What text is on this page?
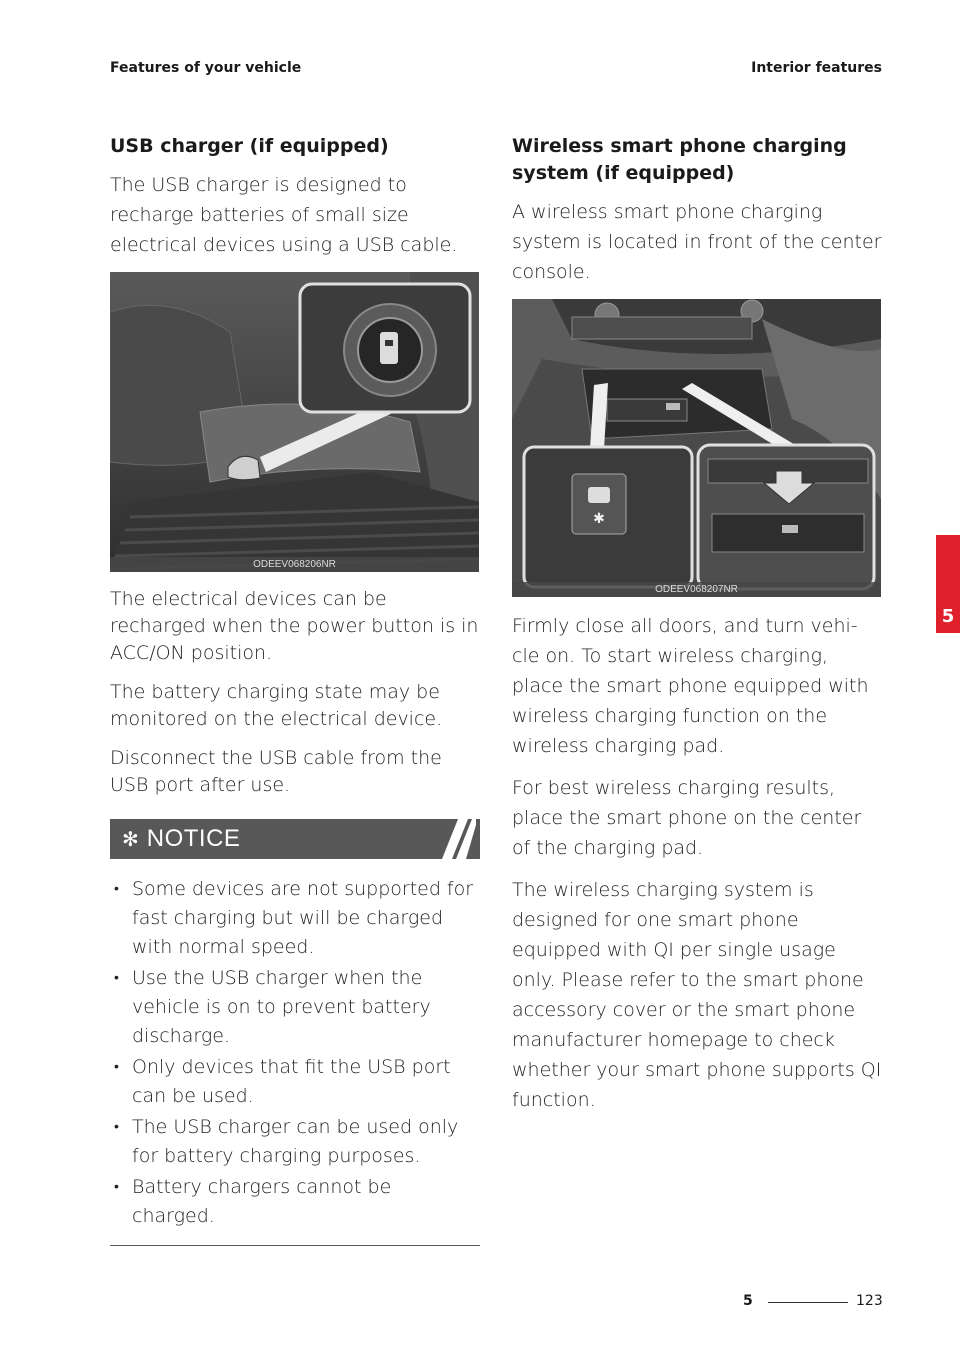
Features of your vehicle	Interior features
USB charger (if equipped)

The USB charger is designed to recharge batteries of small size electrical devices using a USB cable.

ODEEV068206NR

The electrical devices can be recharged when the power button is in ACC/ON position.

The battery charging state may be monitored on the electrical device.

Disconnect the USB cable from the USB port after use.

✻ NOTICE
• Some devices are not supported for fast charging but will be charged with normal speed.
• Use the USB charger when the vehicle is on to prevent battery discharge.
• Only devices that fit the USB port can be used.
• The USB charger can be used only for battery charging purposes.
• Battery chargers cannot be charged.
Wireless smart phone charging system (if equipped)

A wireless smart phone charging system is located in front of the center console.

✱
ODEEV068207NR

Firmly close all doors, and turn vehi-cle on. To start wireless charging, place the smart phone equipped with wireless charging function on the wireless charging pad.

For best wireless charging results, place the smart phone on the center of the charging pad.

The wireless charging system is designed for one smart phone equipped with QI per single usage only. Please refer to the smart phone accessory cover or the smart phone manufacturer homepage to check whether your smart phone supports QI function.

5
5	123
